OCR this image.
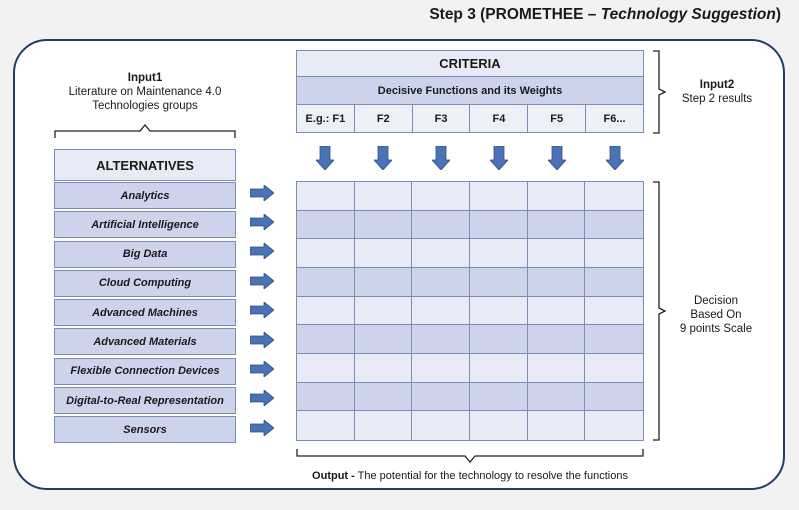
Step 3 (PROMETHEE – Technology Suggestion)
Input1
Literature on Maintenance 4.0
Technologies groups
ALTERNATIVES
Analytics
Artificial Intelligence
Big Data
Cloud Computing
Advanced Machines
Advanced Materials
Flexible Connection Devices
Digital-to-Real Representation
Sensors
CRITERIA
Decisive Functions and its Weights
E.g.: F1	F2	F3	F4	F5	F6...
Input2
Step 2 results
Decision
Based On
9 points Scale
Output - The potential for the technology to resolve the functions
